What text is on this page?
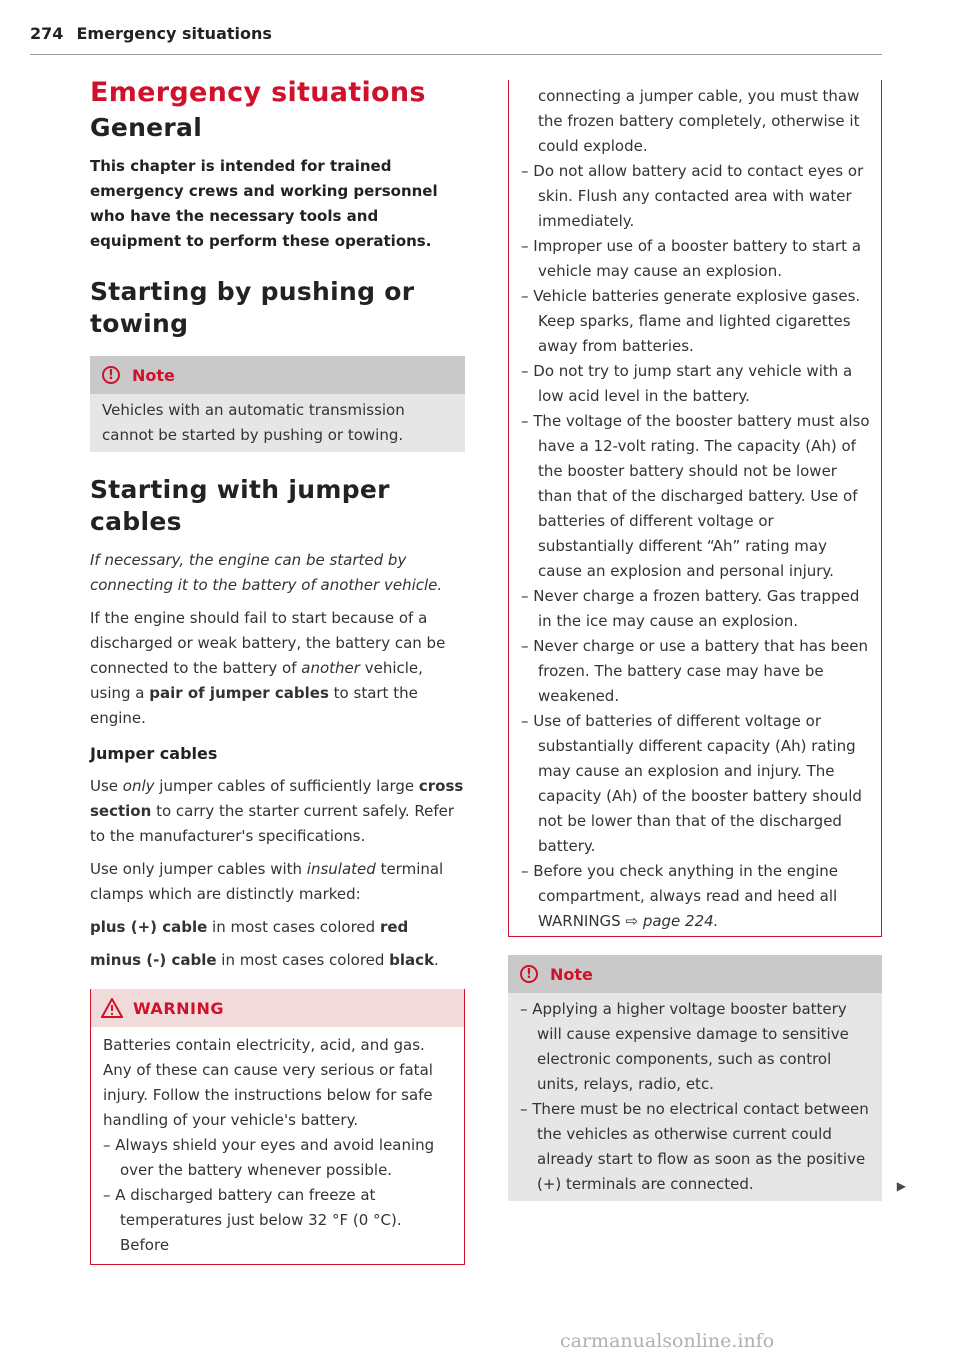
274 Emergency situations
Emergency situations
General

This chapter is intended for trained emergency crews and working personnel who have the necessary tools and equipment to perform these operations.

Starting by pushing or towing
!	Note
Vehicles with an automatic transmission cannot be started by pushing or towing.
Starting with jumper cables

If necessary, the engine can be started by connecting it to the battery of another vehicle.

If the engine should fail to start because of a discharged or weak battery, the battery can be connected to the battery of another vehicle, using a pair of jumper cables to start the engine.

Jumper cables

Use only jumper cables of sufficiently large cross section to carry the starter current safely. Refer to the manufacturer's specifications.

Use only jumper cables with insulated terminal clamps which are distinctly marked:

plus (+) cable in most cases colored red

minus (-) cable in most cases colored black.

WARNING
Batteries contain electricity, acid, and gas. Any of these can cause very serious or fatal injury. Follow the instructions below for safe handling of your vehicle's battery.
– Always shield your eyes and avoid leaning over the battery whenever possible.
– A discharged battery can freeze at temperatures just below 32 °F (0 °C). Before
connecting a jumper cable, you must thaw the frozen battery completely, otherwise it could explode.
– Do not allow battery acid to contact eyes or skin. Flush any contacted area with water immediately.
– Improper use of a booster battery to start a vehicle may cause an explosion.
– Vehicle batteries generate explosive gases. Keep sparks, flame and lighted cigarettes away from batteries.
– Do not try to jump start any vehicle with a low acid level in the battery.
– The voltage of the booster battery must also have a 12-volt rating. The capacity (Ah) of the booster battery should not be lower than that of the discharged battery. Use of batteries of different voltage or substantially different “Ah” rating may cause an explosion and personal injury.
– Never charge a frozen battery. Gas trapped in the ice may cause an explosion.
– Never charge or use a battery that has been frozen. The battery case may have be weakened.
– Use of batteries of different voltage or substantially different capacity (Ah) rating may cause an explosion and injury. The capacity (Ah) of the booster battery should not be lower than that of the discharged battery.
– Before you check anything in the engine compartment, always read and heed all WARNINGS ⇨ page 224.
!	Note
– Applying a higher voltage booster battery will cause expensive damage to sensitive electronic components, such as control units, relays, radio, etc.
– There must be no electrical contact between the vehicles as otherwise current could already start to flow as soon as the positive (+) terminals are connected.	▶
carmanualsonline.info
